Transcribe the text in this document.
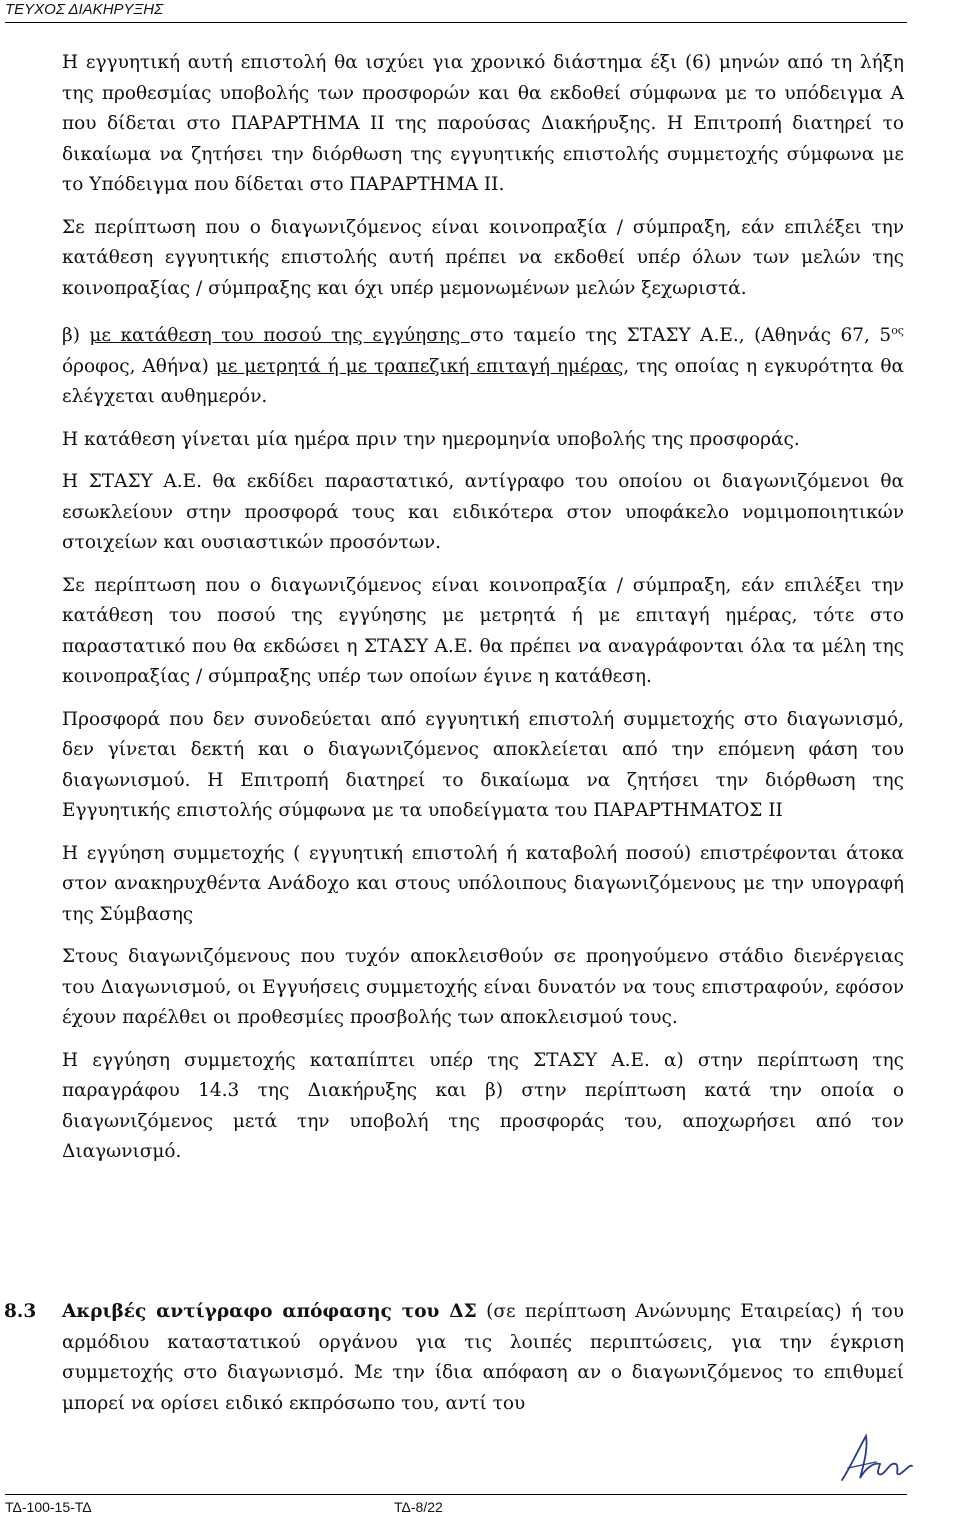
ΤΕΥΧΟΣ ΔΙΑΚΗΡΥΞΗΣ

Η εγγυητική αυτή επιστολή θα ισχύει για χρονικό διάστημα έξι (6) μηνών από τη λήξη της προθεσμίας υποβολής των προσφορών και θα εκδοθεί σύμφωνα με το υπόδειγμα Α που δίδεται στο ΠΑΡΑΡΤΗΜΑ ΙΙ της παρούσας Διακήρυξης. Η Επιτροπή διατηρεί το δικαίωμα να ζητήσει την διόρθωση της εγγυητικής επιστολής συμμετοχής σύμφωνα με το Υπόδειγμα που δίδεται στο ΠΑΡΑΡΤΗΜΑ ΙΙ.

Σε περίπτωση που ο διαγωνιζόμενος είναι κοινοπραξία / σύμπραξη, εάν επιλέξει την κατάθεση εγγυητικής επιστολής αυτή πρέπει να εκδοθεί υπέρ όλων των μελών της κοινοπραξίας / σύμπραξης και όχι υπέρ μεμονωμένων μελών ξεχωριστά.

β) με κατάθεση του ποσού της εγγύησης στο ταμείο της ΣΤΑΣΥ Α.Ε., (Αθηνάς 67, $5^{o\varsigma}$ όροφος, Αθήνα) με μετρητά ή με τραπεζική επιταγή ημέρας, της οποίας η εγκυρότητα θα ελέγχεται αυθημερόν.

Η κατάθεση γίνεται μία ημέρα πριν την ημερομηνία υποβολής της προσφοράς.

Η ΣΤΑΣΥ Α.Ε. θα εκδίδει παραστατικό, αντίγραφο του οποίου οι διαγωνιζόμενοι θα εσωκλείουν στην προσφορά τους και ειδικότερα στον υποφάκελο νομιμοποιητικών στοιχείων και ουσιαστικών προσόντων.

Σε περίπτωση που ο διαγωνιζόμενος είναι κοινοπραξία / σύμπραξη, εάν επιλέξει την κατάθεση του ποσού της εγγύησης με μετρητά ή με επιταγή ημέρας, τότε στο παραστατικό που θα εκδώσει η ΣΤΑΣΥ Α.Ε. θα πρέπει να αναγράφονται όλα τα μέλη της κοινοπραξίας / σύμπραξης υπέρ των οποίων έγινε η κατάθεση.

Προσφορά που δεν συνοδεύεται από εγγυητική επιστολή συμμετοχής στο διαγωνισμό, δεν γίνεται δεκτή και ο διαγωνιζόμενος αποκλείεται από την επόμενη φάση του διαγωνισμού. Η Επιτροπή διατηρεί το δικαίωμα να ζητήσει την διόρθωση της Εγγυητικής επιστολής σύμφωνα με τα υποδείγματα του ΠΑΡΑΡΤΗΜΑΤΟΣ ΙΙ

Η εγγύηση συμμετοχής ( εγγυητική επιστολή ή καταβολή ποσού) επιστρέφονται άτοκα στον ανακηρυχθέντα Ανάδοχο και στους υπόλοιπους διαγωνιζόμενους με την υπογραφή της Σύμβασης

Στους διαγωνιζόμενους που τυχόν αποκλεισθούν σε προηγούμενο στάδιο διενέργειας του Διαγωνισμού, οι Εγγυήσεις συμμετοχής είναι δυνατόν να τους επιστραφούν, εφόσον έχουν παρέλθει οι προθεσμίες προσβολής των αποκλεισμού τους.

Η εγγύηση συμμετοχής καταπίπτει υπέρ της ΣΤΑΣΥ Α.Ε. α) στην περίπτωση της παραγράφου 14.3 της Διακήρυξης και β) στην περίπτωση κατά την οποία ο διαγωνιζόμενος μετά την υποβολή της προσφοράς του, αποχωρήσει από τον Διαγωνισμό.

8.3 Ακριβές αντίγραφο απόφασης του ΔΣ (σε περίπτωση Ανώνυμης Εταιρείας) ή του αρμόδιου καταστατικού οργάνου για τις λοιπές περιπτώσεις, για την έγκριση συμμετοχής στο διαγωνισμό. Με την ίδια απόφαση αν ο διαγωνιζόμενος το επιθυμεί μπορεί να ορίσει ειδικό εκπρόσωπο του, αντί του
ΤΔ-100-15-ΤΔ	ΤΔ-8/22
